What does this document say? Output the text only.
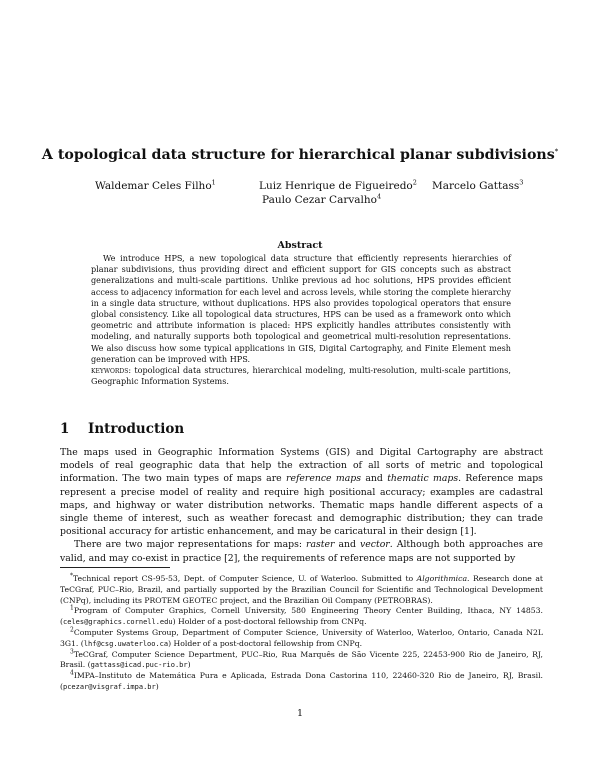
A topological data structure for hierarchical planar subdivisions*
Waldemar Celes Filho$^1$	Luiz Henrique de Figueiredo$^2$ Marcelo Gattass$^3$
Paulo Cezar Carvalho$^4$
Abstract

We introduce HPS, a new topological data structure that efficiently represents hierarchies of planar subdivisions, thus providing direct and efficient support for GIS concepts such as abstract generalizations and multi-scale partitions. Unlike previous ad hoc solutions, HPS provides efficient access to adjacency information for each level and across levels, while storing the complete hierarchy in a single data structure, without duplications. HPS also provides topological operators that ensure global consistency. Like all topological data structures, HPS can be used as a framework onto which geometric and attribute information is placed: HPS explicitly handles attributes consistently with modeling, and naturally supports both topological and geometrical multi-resolution representations. We also discuss how some typical applications in GIS, Digital Cartography, and Finite Element mesh generation can be improved with HPS.

keywords: topological data structures, hierarchical modeling, multi-resolution, multi-scale partitions, Geographic Information Systems.

1 Introduction

The maps used in Geographic Information Systems (GIS) and Digital Cartography are abstract models of real geographic data that help the extraction of all sorts of metric and topological information. The two main types of maps are reference maps and thematic maps. Reference maps represent a precise model of reality and require high positional accuracy; examples are cadastral maps, and highway or water distribution networks. Thematic maps handle different aspects of a single theme of interest, such as weather forecast and demographic distribution; they can trade positional accuracy for artistic enhancement, and may be caricatural in their design [1].

There are two major representations for maps: raster and vector. Although both approaches are valid, and may co-exist in practice [2], the requirements of reference maps are not supported by

*Technical report CS-95-53, Dept. of Computer Science, U. of Waterloo. Submitted to Algorithmica. Research done at TeCGraf, PUC–Rio, Brazil, and partially supported by the Brazilian Council for Scientific and Technological Development (CNPq), including its PROTEM GEOTEC project, and the Brazilian Oil Company (PETROBRAS).

$^1$Program of Computer Graphics, Cornell University, 580 Engineering Theory Center Building, Ithaca, NY 14853. (celes@graphics.cornell.edu) Holder of a post-doctoral fellowship from CNPq.

$^2$Computer Systems Group, Department of Computer Science, University of Waterloo, Waterloo, Ontario, Canada N2L 3G1. (lhf@csg.uwaterloo.ca) Holder of a post-doctoral fellowship from CNPq.

$^3$TeCGraf, Computer Science Department, PUC–Rio, Rua Marquês de São Vicente 225, 22453-900 Rio de Janeiro, RJ, Brasil. (gattass@icad.puc-rio.br)

$^4$IMPA–Instituto de Matemática Pura e Aplicada, Estrada Dona Castorina 110, 22460-320 Rio de Janeiro, RJ, Brasil. (pcezar@visgraf.impa.br)

1
